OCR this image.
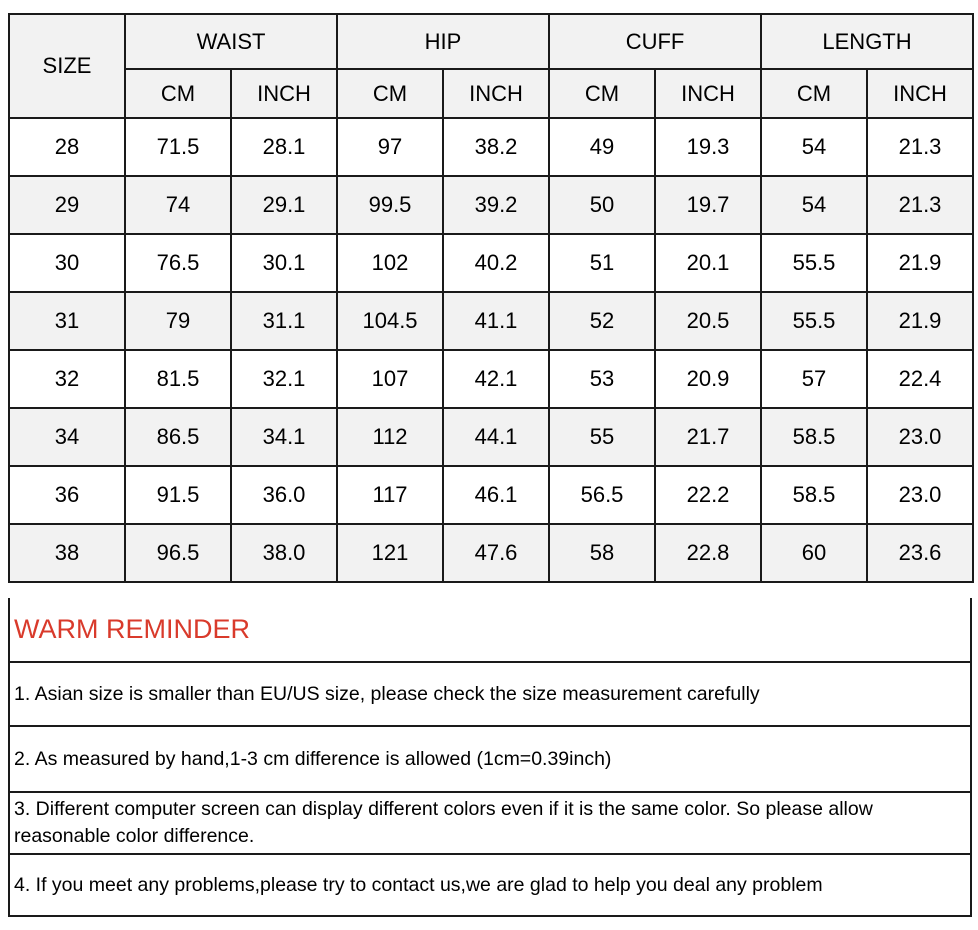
SIZE	WAIST		HIP		CUFF		LENGTH	
	CM	INCH	CM	INCH	CM	INCH	CM	INCH
28	71.5	28.1	97	38.2	49	19.3	54	21.3
29	74	29.1	99.5	39.2	50	19.7	54	21.3
30	76.5	30.1	102	40.2	51	20.1	55.5	21.9
31	79	31.1	104.5	41.1	52	20.5	55.5	21.9
32	81.5	32.1	107	42.1	53	20.9	57	22.4
34	86.5	34.1	112	44.1	55	21.7	58.5	23.0
36	91.5	36.0	117	46.1	56.5	22.2	58.5	23.0
38	96.5	38.0	121	47.6	58	22.8	60	23.6
WARM REMINDER
1. Asian size is smaller than EU/US size, please check the size measurement carefully
2. As measured by hand,1-3 cm difference is allowed (1cm=0.39inch)
3. Different computer screen can display different colors even if it is the same color. So please allow reasonable color difference.
4. If you meet any problems,please try to contact us,we are glad to help you deal any problem
